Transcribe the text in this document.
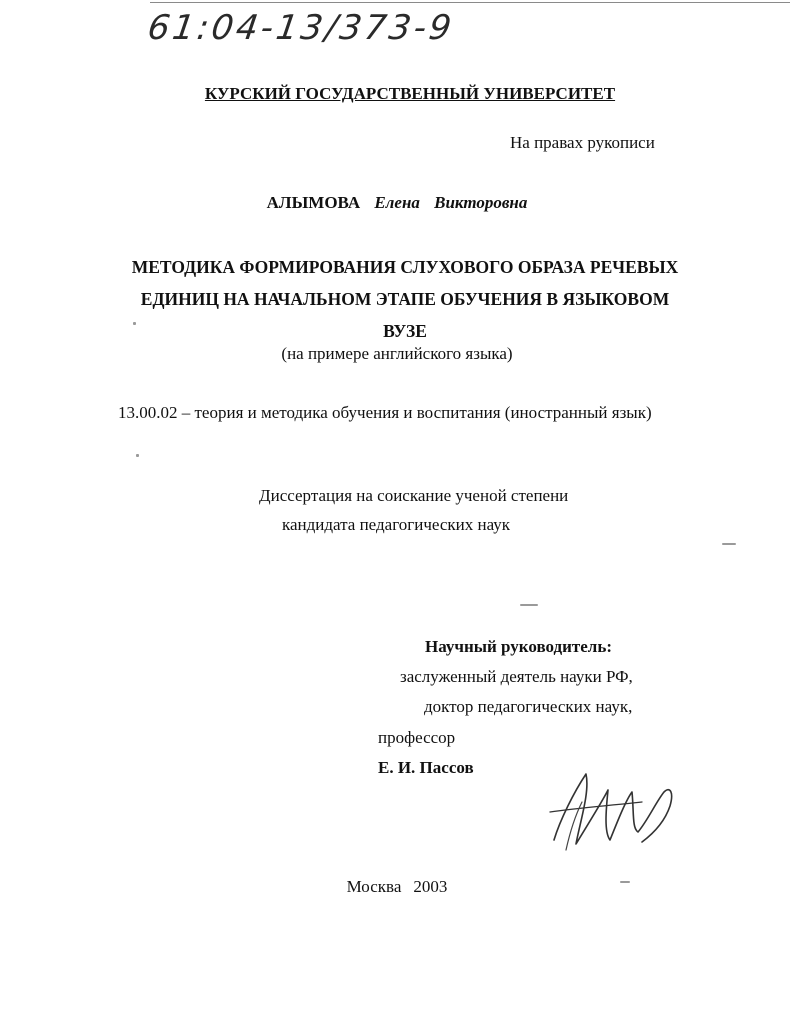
61:04-13/373-9
КУРСКИЙ ГОСУДАРСТВЕННЫЙ УНИВЕРСИТЕТ
На правах рукописи
АЛЫМОВА Елена Викторовна
МЕТОДИКА ФОРМИРОВАНИЯ СЛУХОВОГО ОБРАЗА РЕЧЕВЫХ
ЕДИНИЦ НА НАЧАЛЬНОМ ЭТАПЕ ОБУЧЕНИЯ В ЯЗЫКОВОМ
ВУЗЕ
(на примере английского языка)
13.00.02 – теория и методика обучения и воспитания (иностранный язык)
Диссертация на соискание ученой степени
кандидата педагогических наук
Научный руководитель:
заслуженный деятель науки РФ,
доктор педагогических наук,
профессор
Е. И. Пассов
Москва 2003
